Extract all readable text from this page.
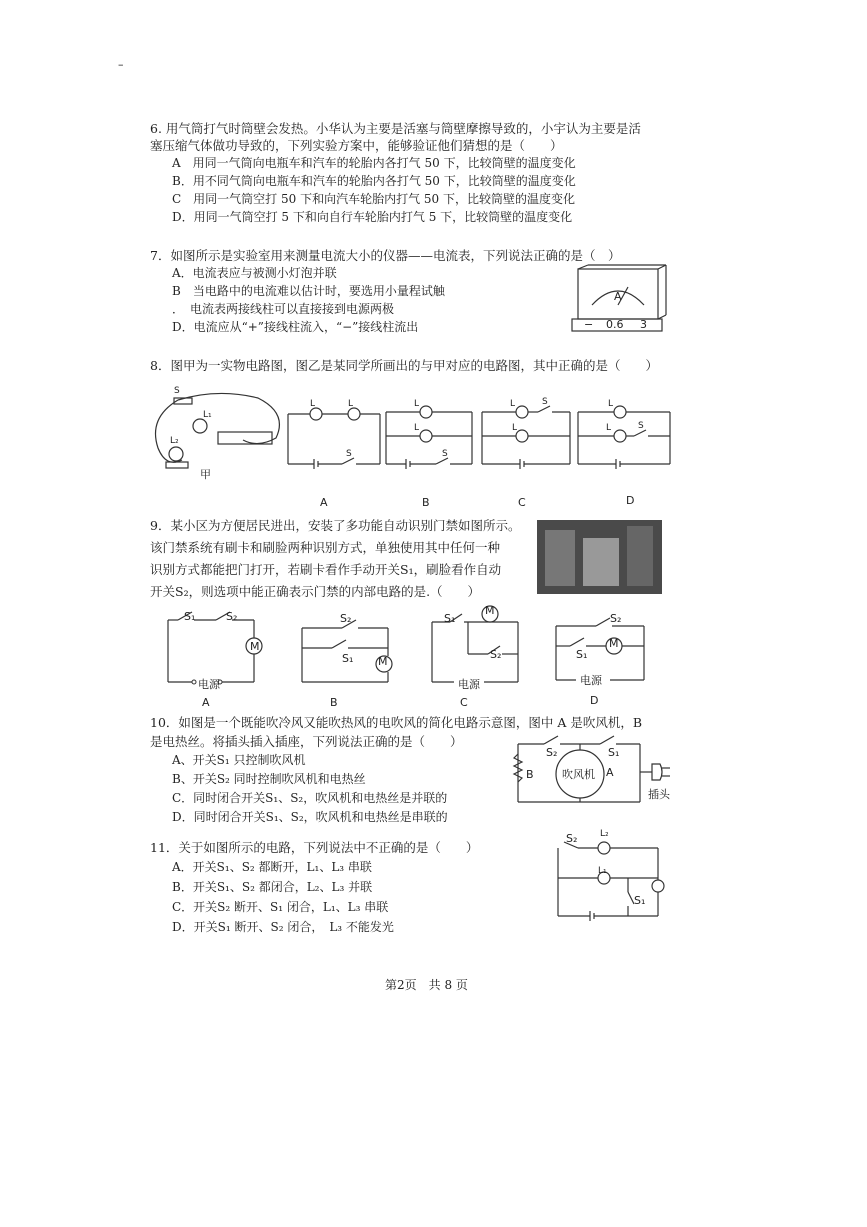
–
6. 用气筒打气时筒壁会发热。小华认为主要是活塞与筒壁摩擦导致的，小宇认为主要是活
塞压缩气体做功导致的，下列实验方案中，能够验证他们猜想的是（　　）
A　用同一气筒向电瓶车和汽车的轮胎内各打气 50 下，比较筒壁的温度变化
B．用不同气筒向电瓶车和汽车的轮胎内各打气 50 下，比较筒壁的温度变化
C　用同一气筒空打 50 下和向汽车轮胎内打气 50 下，比较筒壁的温度变化
D．用同一气筒空打 5 下和向自行车轮胎内打气 5 下，比较筒壁的温度变化
7．如图所示是实验室用来测量电流大小的仪器——电流表，下列说法正确的是（　）
A．电流表应与被测小灯泡并联
B　当电路中的电流难以估计时，要选用小量程试触
．　电流表两接线柱可以直接接到电源两极
D．电流应从“+”接线柱流入，“−”接线柱流出
A
− 0.6 3
8．图甲为一实物电路图，图乙是某同学所画出的与甲对应的电路图，其中正确的是（　　）
S
L₁
L₂
甲
L	L
S
L
L
S
L
L
S	L
L	S
A	B	C	D
9．某小区为方便居民进出，安装了多功能自动识别门禁如图所示。
该门禁系统有刷卡和刷脸两种识别方式，单独使用其中任何一种
识别方式都能把门打开，若刷卡看作手动开关S₁，刷脸看作自动
开关S₂，则选项中能正确表示门禁的内部电路的是.（　　）
S₁	S₂
M
电源
S₂
S₁ M
S₁
M
S₂
电源
S₂
S₁
M
电源
A	B	C	D
10．如图是一个既能吹冷风又能吹热风的电吹风的简化电路示意图，图中 A 是吹风机，B
是电热丝。将插头插入插座，下列说法正确的是（　　）
A、开关S₁ 只控制吹风机
B、开关S₂ 同时控制吹风机和电热丝
C．同时闭合开关S₁、S₂，吹风机和电热丝是并联的
D．同时闭合开关S₁、S₂，吹风机和电热丝是串联的
S₂	S₁
B	吹风机 A
插头
11．关于如图所示的电路，下列说法中不正确的是（　　）
A．开关S₁、S₂ 都断开，L₁、L₃ 串联
B．开关S₁、S₂ 都闭合，L₂、L₃ 并联
C．开关S₂ 断开、S₁ 闭合，L₁、L₃ 串联
D．开关S₁ 断开、S₂ 闭合，　L₃ 不能发光
S₂	L₂
L₁
S₁
第2页　共 8 页
